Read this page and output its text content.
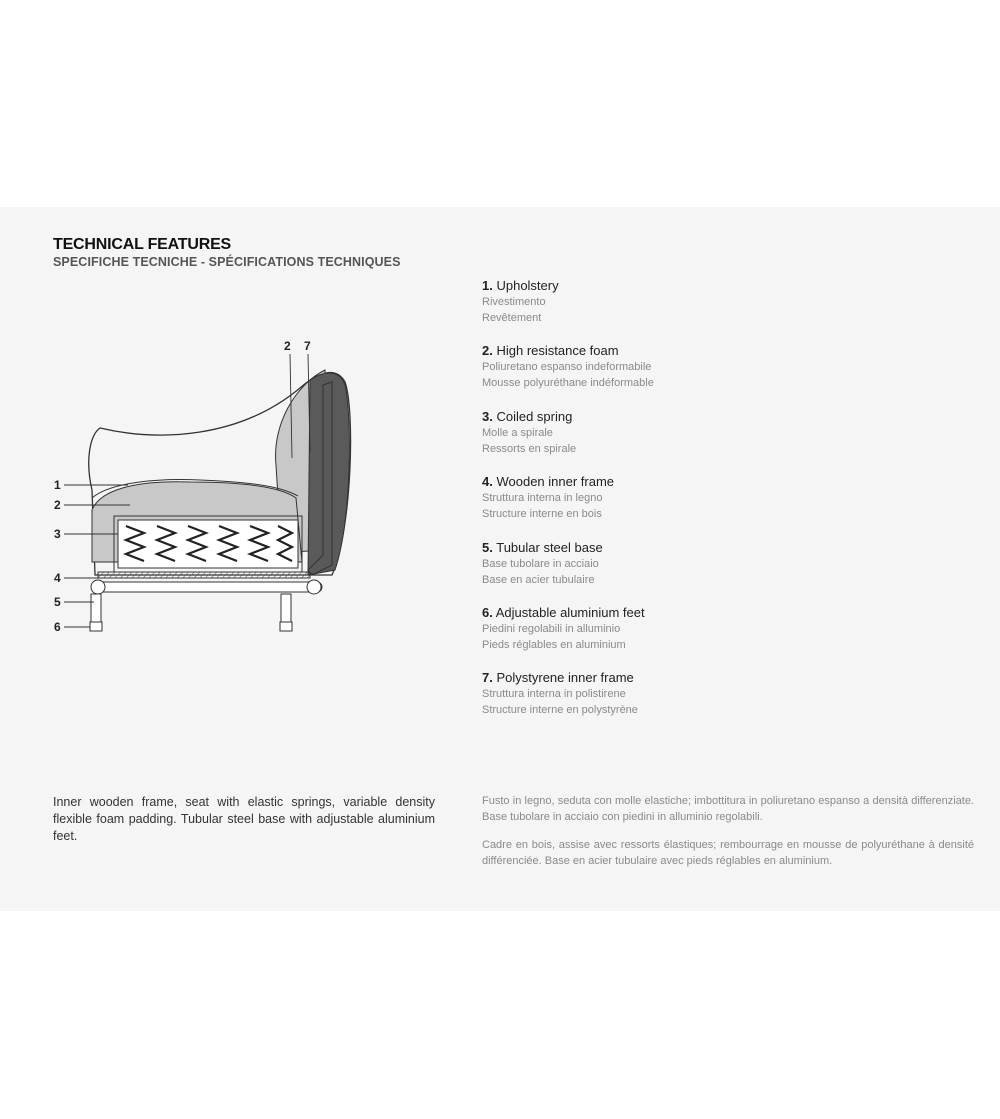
TECHNICAL FEATURES
SPECIFICHE TECNICHE - SPÉCIFICATIONS TECHNIQUES
2 7
1
2
3
4
5
6
1. Upholstery
Rivestimento
Revêtement
2. High resistance foam
Poliuretano espanso indeformabile
Mousse polyuréthane indéformable
3. Coiled spring
Molle a spirale
Ressorts en spirale
4. Wooden inner frame
Struttura interna in legno
Structure interne en bois
5. Tubular steel base
Base tubolare in acciaio
Base en acier tubulaire
6. Adjustable aluminium feet
Piedini regolabili in alluminio
Pieds réglables en aluminium
7. Polystyrene inner frame
Struttura interna in polistirene
Structure interne en polystyrène
Inner wooden frame, seat with elastic springs, variable density flexible foam padding. Tubular steel base with adjustable aluminium feet.
Fusto in legno, seduta con molle elastiche; imbottitura in poliuretano espanso a densità differenziate. Base tubolare in acciaio con piedini in alluminio regolabili.
Cadre en bois, assise avec ressorts élastiques; rembourrage en mousse de polyuréthane à densité différenciée. Base en acier tubulaire avec pieds réglables en aluminium.
